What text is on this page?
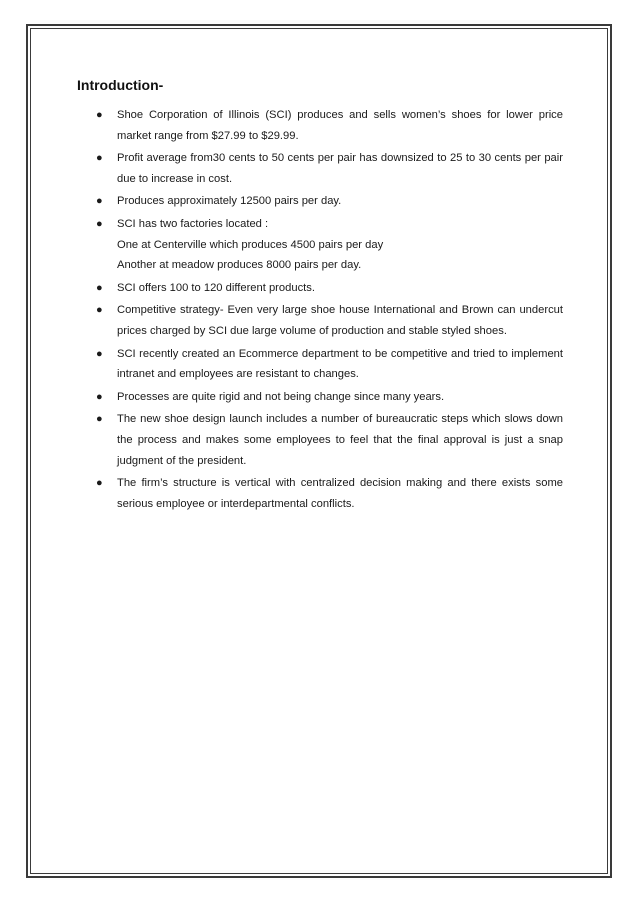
Introduction-
● Shoe Corporation of Illinois (SCI) produces and sells women’s shoes for lower price market range from $27.99 to $29.99.
● Profit average from30 cents to 50 cents per pair has downsized to 25 to 30 cents per pair due to increase in cost.
● Produces approximately 12500 pairs per day.
● SCI has two factories located :
One at Centerville which produces 4500 pairs per day
Another at meadow produces 8000 pairs per day.
● SCI offers 100 to 120 different products.
● Competitive strategy- Even very large shoe house International and Brown can undercut prices charged by SCI due large volume of production and stable styled shoes.
● SCI recently created an Ecommerce department to be competitive and tried to implement intranet and employees are resistant to changes.
● Processes are quite rigid and not being change since many years.
● The new shoe design launch includes a number of bureaucratic steps which slows down the process and makes some employees to feel that the final approval is just a snap judgment of the president.
● The firm’s structure is vertical with centralized decision making and there exists some serious employee or interdepartmental conflicts.
